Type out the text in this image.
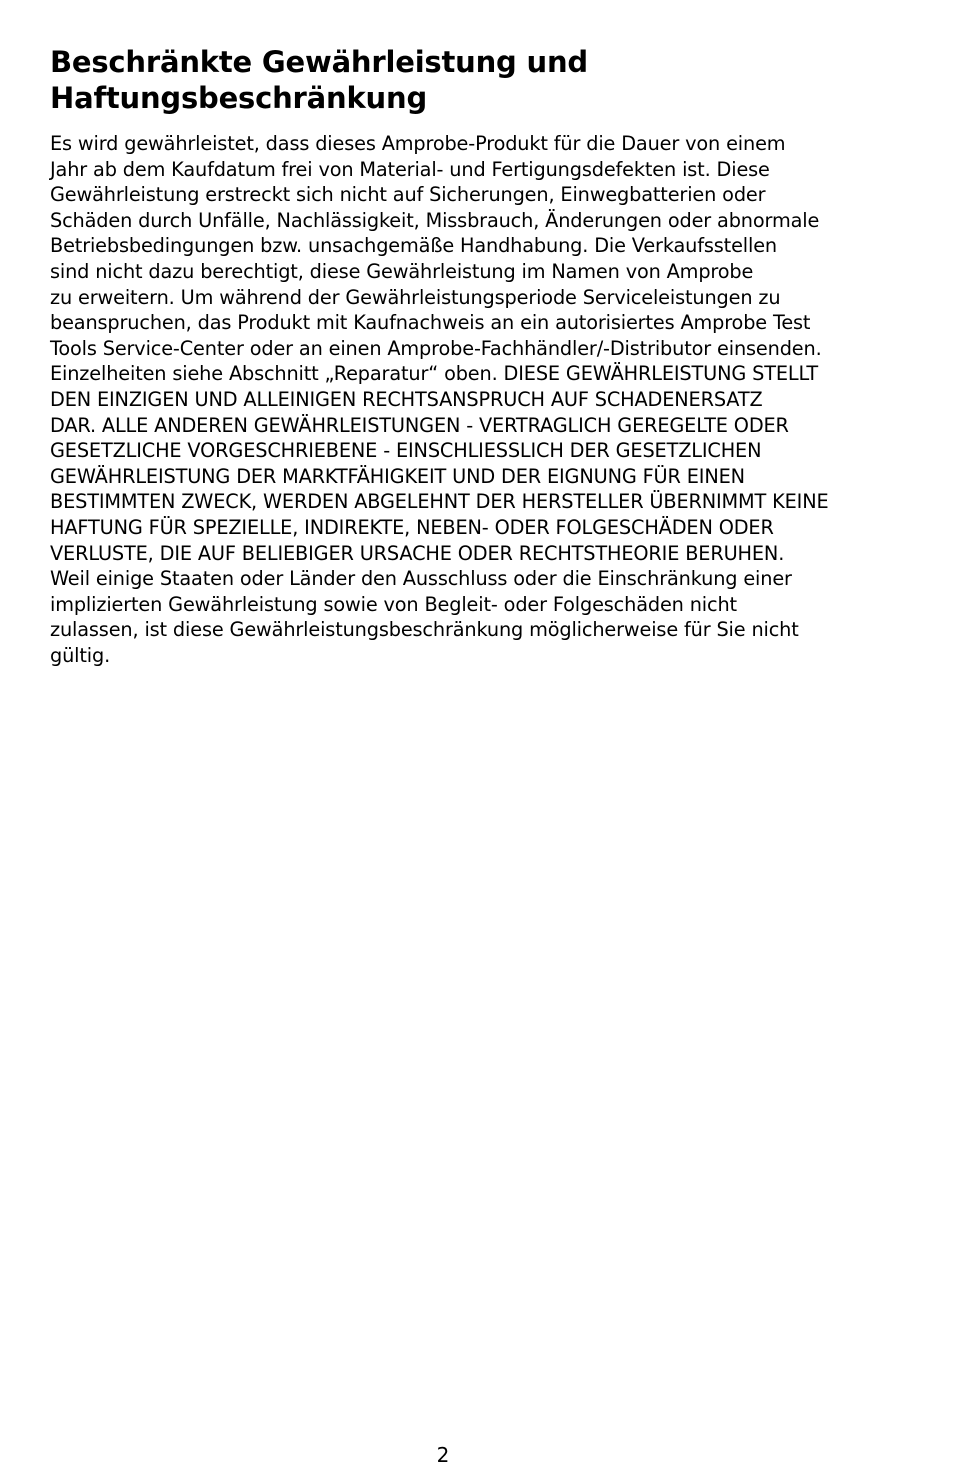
Beschränkte Gewährleistung und
Haftungsbeschränkung
Es wird gewährleistet, dass dieses Amprobe-Produkt für die Dauer von einem
Jahr ab dem Kaufdatum frei von Material- und Fertigungsdefekten ist. Diese
Gewährleistung erstreckt sich nicht auf Sicherungen, Einwegbatterien oder
Schäden durch Unfälle, Nachlässigkeit, Missbrauch, Änderungen oder abnormale
Betriebsbedingungen bzw. unsachgemäße Handhabung. Die Verkaufsstellen
sind nicht dazu berechtigt, diese Gewährleistung im Namen von Amprobe
zu erweitern. Um während der Gewährleistungsperiode Serviceleistungen zu
beanspruchen, das Produkt mit Kaufnachweis an ein autorisiertes Amprobe Test
Tools Service-Center oder an einen Amprobe-Fachhändler/-Distributor einsenden.
Einzelheiten siehe Abschnitt „Reparatur“ oben. DIESE GEWÄHRLEISTUNG STELLT
DEN EINZIGEN UND ALLEINIGEN RECHTSANSPRUCH AUF SCHADENERSATZ
DAR. ALLE ANDEREN GEWÄHRLEISTUNGEN - VERTRAGLICH GEREGELTE ODER
GESETZLICHE VORGESCHRIEBENE - EINSCHLIESSLICH DER GESETZLICHEN
GEWÄHRLEISTUNG DER MARKTFÄHIGKEIT UND DER EIGNUNG FÜR EINEN
BESTIMMTEN ZWECK, WERDEN ABGELEHNT DER HERSTELLER ÜBERNIMMT KEINE
HAFTUNG FÜR SPEZIELLE, INDIREKTE, NEBEN- ODER FOLGESCHÄDEN ODER
VERLUSTE, DIE AUF BELIEBIGER URSACHE ODER RECHTSTHEORIE BERUHEN.
Weil einige Staaten oder Länder den Ausschluss oder die Einschränkung einer
implizierten Gewährleistung sowie von Begleit- oder Folgeschäden nicht
zulassen, ist diese Gewährleistungsbeschränkung möglicherweise für Sie nicht
gültig.
2
